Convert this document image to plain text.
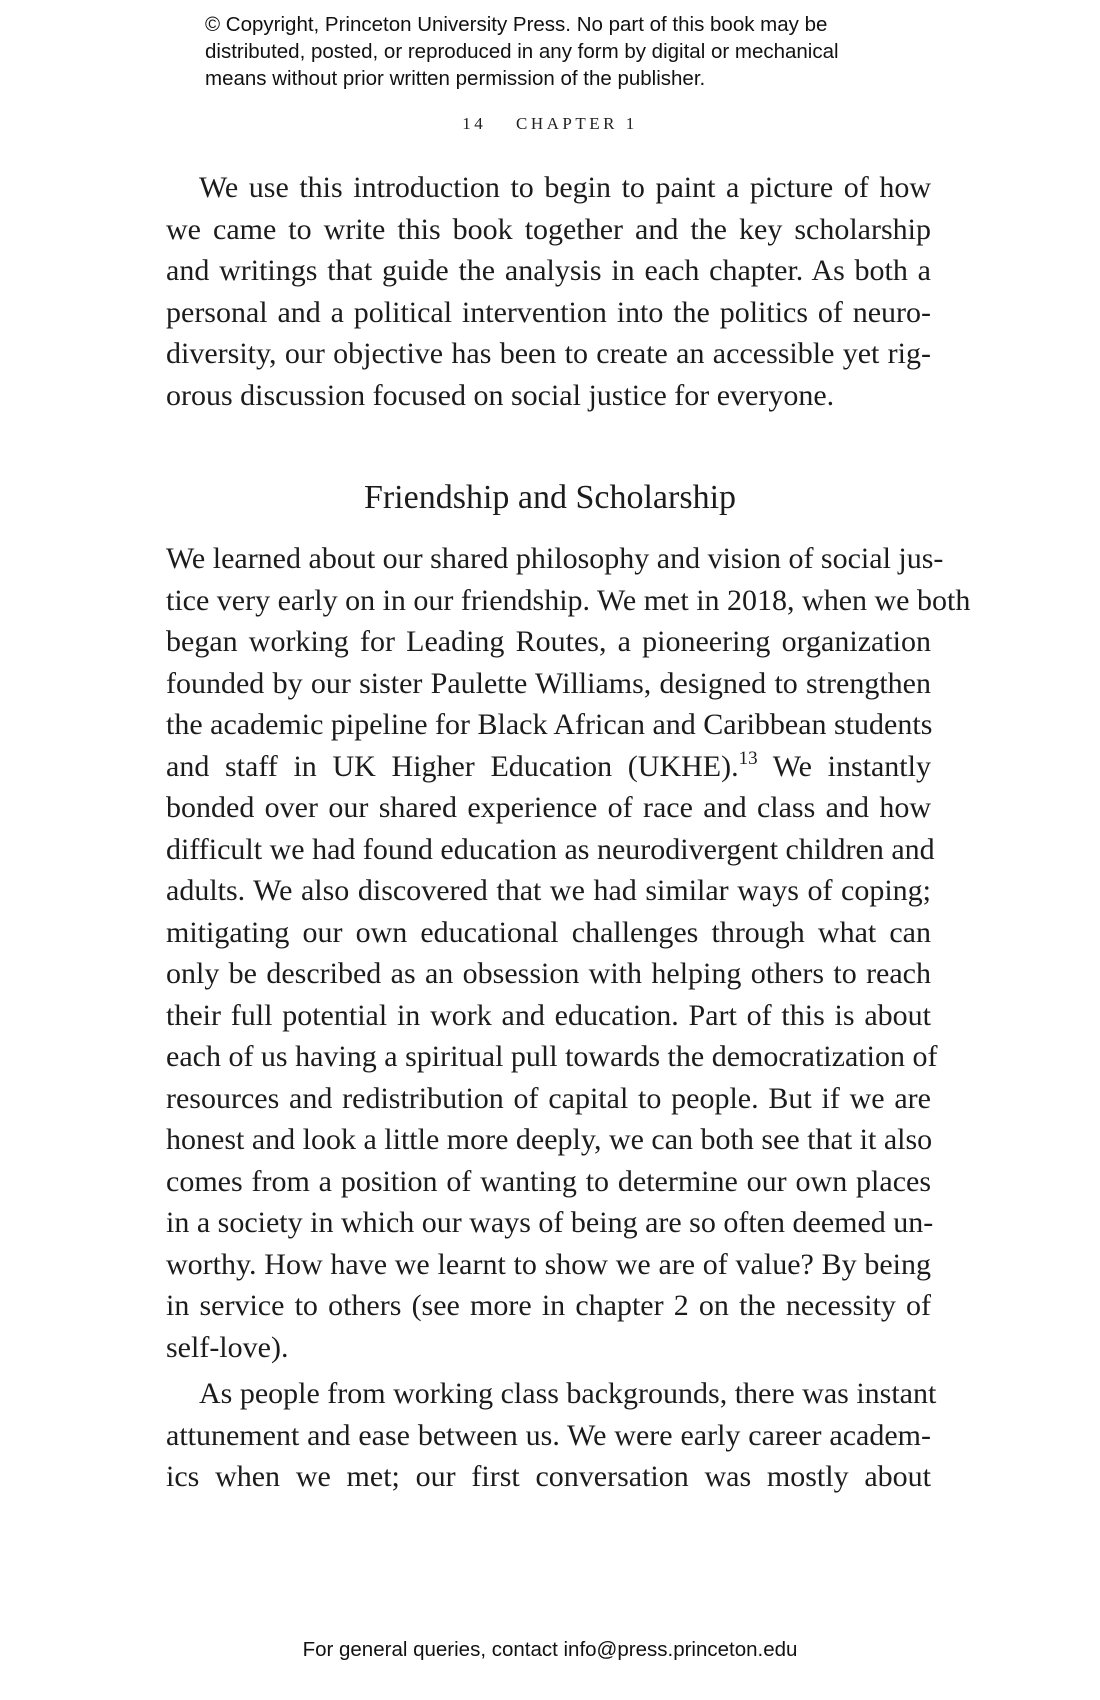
© Copyright, Princeton University Press. No part of this book may be
distributed, posted, or reproduced in any form by digital or mechanical
means without prior written permission of the publisher.
14 CHAPTER 1
We use this introduction to begin to paint a picture of how
we came to write this book together and the key scholarship
and writings that guide the analysis in each chapter. As both a
personal and a political intervention into the politics of neuro-
diversity, our objective has been to create an accessible yet rig-
orous discussion focused on social justice for everyone.
Friendship and Scholarship
We learned about our shared philosophy and vision of social jus-
tice very early on in our friendship. We met in 2018, when we both
began working for Leading Routes, a pioneering organization
founded by our sister Paulette Williams, designed to strengthen
the academic pipeline for Black African and Caribbean students
and staff in UK Higher Education (UKHE).$^{13}$ We instantly
bonded over our shared experience of race and class and how
difficult we had found education as neurodivergent children and
adults. We also discovered that we had similar ways of coping;
mitigating our own educational challenges through what can
only be described as an obsession with helping others to reach
their full potential in work and education. Part of this is about
each of us having a spiritual pull towards the democratization of
resources and redistribution of capital to people. But if we are
honest and look a little more deeply, we can both see that it also
comes from a position of wanting to determine our own places
in a society in which our ways of being are so often deemed un-
worthy. How have we learnt to show we are of value? By being
in service to others (see more in chapter 2 on the necessity of
self-love).
As people from working class backgrounds, there was instant
attunement and ease between us. We were early career academ-
ics when we met; our first conversation was mostly about
For general queries, contact info@press.princeton.edu
